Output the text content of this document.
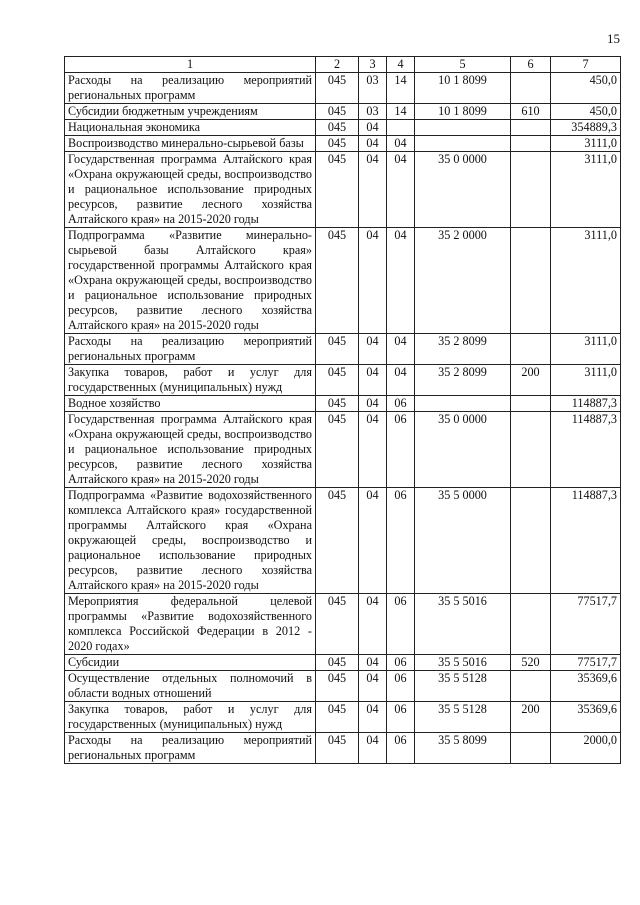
15
1	2	3	4	5	6	7
Расходы на реализацию мероприятий региональных программ	045	03	14	10 1 8099		450,0
Субсидии бюджетным учреждениям	045	03	14	10 1 8099	610	450,0
Национальная экономика	045	04				354889,3
Воспроизводство минерально-сырьевой базы	045	04	04			3111,0
Государственная программа Алтайского края «Охрана окружающей среды, воспроизводство и рациональное использование природных ресурсов, развитие лесного хозяйства Алтайского края» на 2015-2020 годы	045	04	04	35 0 0000		3111,0
Подпрограмма «Развитие минерально-сырьевой базы Алтайского края» государственной программы Алтайского края «Охрана окружающей среды, воспроизводство и рациональное использование природных ресурсов, развитие лесного хозяйства Алтайского края» на 2015-2020 годы	045	04	04	35 2 0000		3111,0
Расходы на реализацию мероприятий региональных программ	045	04	04	35 2 8099		3111,0
Закупка товаров, работ и услуг для государственных (муниципальных) нужд	045	04	04	35 2 8099	200	3111,0
Водное хозяйство	045	04	06			114887,3
Государственная программа Алтайского края «Охрана окружающей среды, воспроизводство и рациональное использование природных ресурсов, развитие лесного хозяйства Алтайского края» на 2015-2020 годы	045	04	06	35 0 0000		114887,3
Подпрограмма «Развитие водохозяйственного комплекса Алтайского края» государственной программы Алтайского края «Охрана окружающей среды, воспроизводство и рациональное использование природных ресурсов, развитие лесного хозяйства Алтайского края» на 2015-2020 годы	045	04	06	35 5 0000		114887,3
Мероприятия федеральной целевой программы «Развитие водохозяйственного комплекса Российской Федерации в 2012 - 2020 годах»	045	04	06	35 5 5016		77517,7
Субсидии	045	04	06	35 5 5016	520	77517,7
Осуществление отдельных полномочий в области водных отношений	045	04	06	35 5 5128		35369,6
Закупка товаров, работ и услуг для государственных (муниципальных) нужд	045	04	06	35 5 5128	200	35369,6
Расходы на реализацию мероприятий региональных программ	045	04	06	35 5 8099		2000,0
